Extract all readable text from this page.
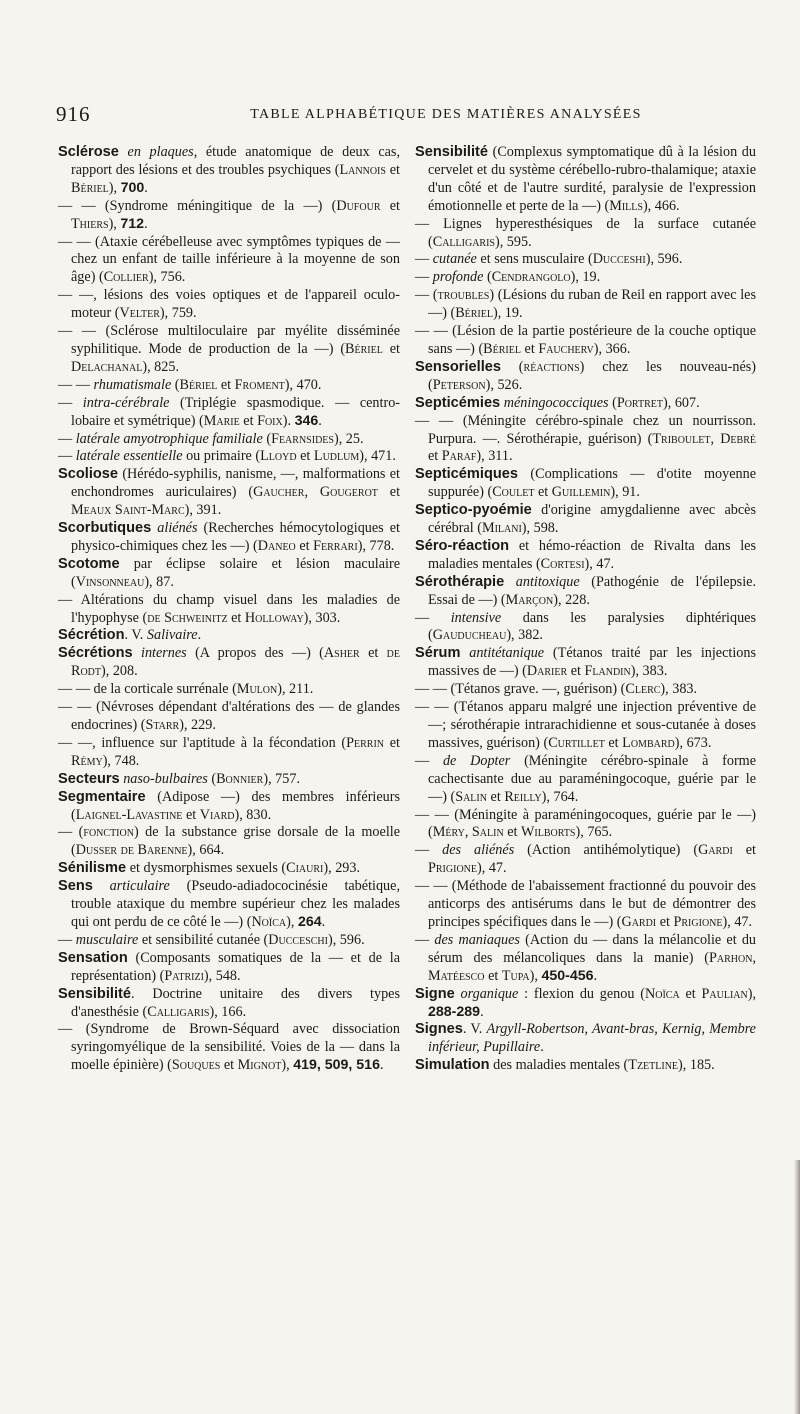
916	TABLE ALPHABÉTIQUE DES MATIÈRES ANALYSÉES

Sclérose en plaques, étude anatomique de deux cas, rapport des lésions et des troubles psychiques (Lannois et Bériel), 700.

— — (Syndrome méningitique de la —) (Dufour et Thiers), 712.

— — (Ataxie cérébelleuse avec symptômes typiques de — chez un enfant de taille inférieure à la moyenne de son âge) (Collier), 756.

— —, lésions des voies optiques et de l'appareil oculo-moteur (Velter), 759.

— — (Sclérose multiloculaire par myélite disséminée syphilitique. Mode de production de la —) (Bériel et Delachanal), 825.

— — rhumatismale (Bériel et Froment), 470.

— intra-cérébrale (Triplégie spasmodique. — centro-lobaire et symétrique) (Marie et Foix). 346.

— latérale amyotrophique familiale (Fearnsides), 25.

— latérale essentielle ou primaire (Lloyd et Ludlum), 471.

Scoliose (Hérédo-syphilis, nanisme, —, malformations et enchondromes auriculaires) (Gaucher, Gougerot et Meaux Saint-Marc), 391.

Scorbutiques aliénés (Recherches hémocytologiques et physico-chimiques chez les —) (Daneo et Ferrari), 778.

Scotome par éclipse solaire et lésion maculaire (Vinsonneau), 87.

— Altérations du champ visuel dans les maladies de l'hypophyse (de Schweinitz et Holloway), 303.

Sécrétion. V. Salivaire.

Sécrétions internes (A propos des —) (Asher et de Rodt), 208.

— — de la corticale surrénale (Mulon), 211.

— — (Névroses dépendant d'altérations des — de glandes endocrines) (Starr), 229.

— —, influence sur l'aptitude à la fécondation (Perrin et Rémy), 748.

Secteurs naso-bulbaires (Bonnier), 757.

Segmentaire (Adipose —) des membres inférieurs (Laignel-Lavastine et Viard), 830.

— (fonction) de la substance grise dorsale de la moelle (Dusser de Barenne), 664.

Sénilisme et dysmorphismes sexuels (Ciauri), 293.

Sens articulaire (Pseudo-adiadococinésie tabétique, trouble ataxique du membre supérieur chez les malades qui ont perdu de ce côté le —) (Noïca), 264.

— musculaire et sensibilité cutanée (Ducceschi), 596.

Sensation (Composants somatiques de la — et de la représentation) (Patrizi), 548.

Sensibilité. Doctrine unitaire des divers types d'anesthésie (Calligaris), 166.

— (Syndrome de Brown-Séquard avec dissociation syringomyélique de la sensibilité. Voies de la — dans la moelle épinière) (Souques et Mignot), 419, 509, 516.

Sensibilité (Complexus symptomatique dû à la lésion du cervelet et du système cérébello-rubro-thalamique; ataxie d'un côté et de l'autre surdité, paralysie de l'expression émotionnelle et perte de la —) (Mills), 466.

— Lignes hyperesthésiques de la surface cutanée (Calligaris), 595.

— cutanée et sens musculaire (Ducceshi), 596.

— profonde (Cendrangolo), 19.

— (troubles) (Lésions du ruban de Reil en rapport avec les —) (Bériel), 19.

— — (Lésion de la partie postérieure de la couche optique sans —) (Bériel et Faucherv), 366.

Sensorielles (réactions) chez les nouveau-nés) (Peterson), 526.

Septicémies méningococciques (Portret), 607.

— — (Méningite cérébro-spinale chez un nourrisson. Purpura. —. Sérothérapie, guérison) (Triboulet, Debré et Paraf), 311.

Septicémiques (Complications — d'otite moyenne suppurée) (Coulet et Guillemin), 91.

Septico-pyoémie d'origine amygdalienne avec abcès cérébral (Milani), 598.

Séro-réaction et hémo-réaction de Rivalta dans les maladies mentales (Cortesi), 47.

Sérothérapie antitoxique (Pathogénie de l'épilepsie. Essai de —) (Marçon), 228.

— intensive dans les paralysies diphtériques (Gauducheau), 382.

Sérum antitétanique (Tétanos traité par les injections massives de —) (Darier et Flandin), 383.

— — (Tétanos grave. —, guérison) (Clerc), 383.

— — (Tétanos apparu malgré une injection préventive de —; sérothérapie intrarachidienne et sous-cutanée à doses massives, guérison) (Curtillet et Lombard), 673.

— de Dopter (Méningite cérébro-spinale à forme cachectisante due au paraméningocoque, guérie par le —) (Salin et Reilly), 764.

— — (Méningite à paraméningocoques, guérie par le —) (Méry, Salin et Wilborts), 765.

— des aliénés (Action antihémolytique) (Gardi et Prigione), 47.

— — (Méthode de l'abaissement fractionné du pouvoir des anticorps des antisérums dans le but de démontrer des principes spécifiques dans le —) (Gardi et Prigione), 47.

— des maniaques (Action du — dans la mélancolie et du sérum des mélancoliques dans la manie) (Parhon, Matéesco et Tupa), 450-456.

Signe organique : flexion du genou (Noïca et Paulian), 288-289.

Signes. V. Argyll-Robertson, Avant-bras, Kernig, Membre inférieur, Pupillaire.

Simulation des maladies mentales (Tzetline), 185.
